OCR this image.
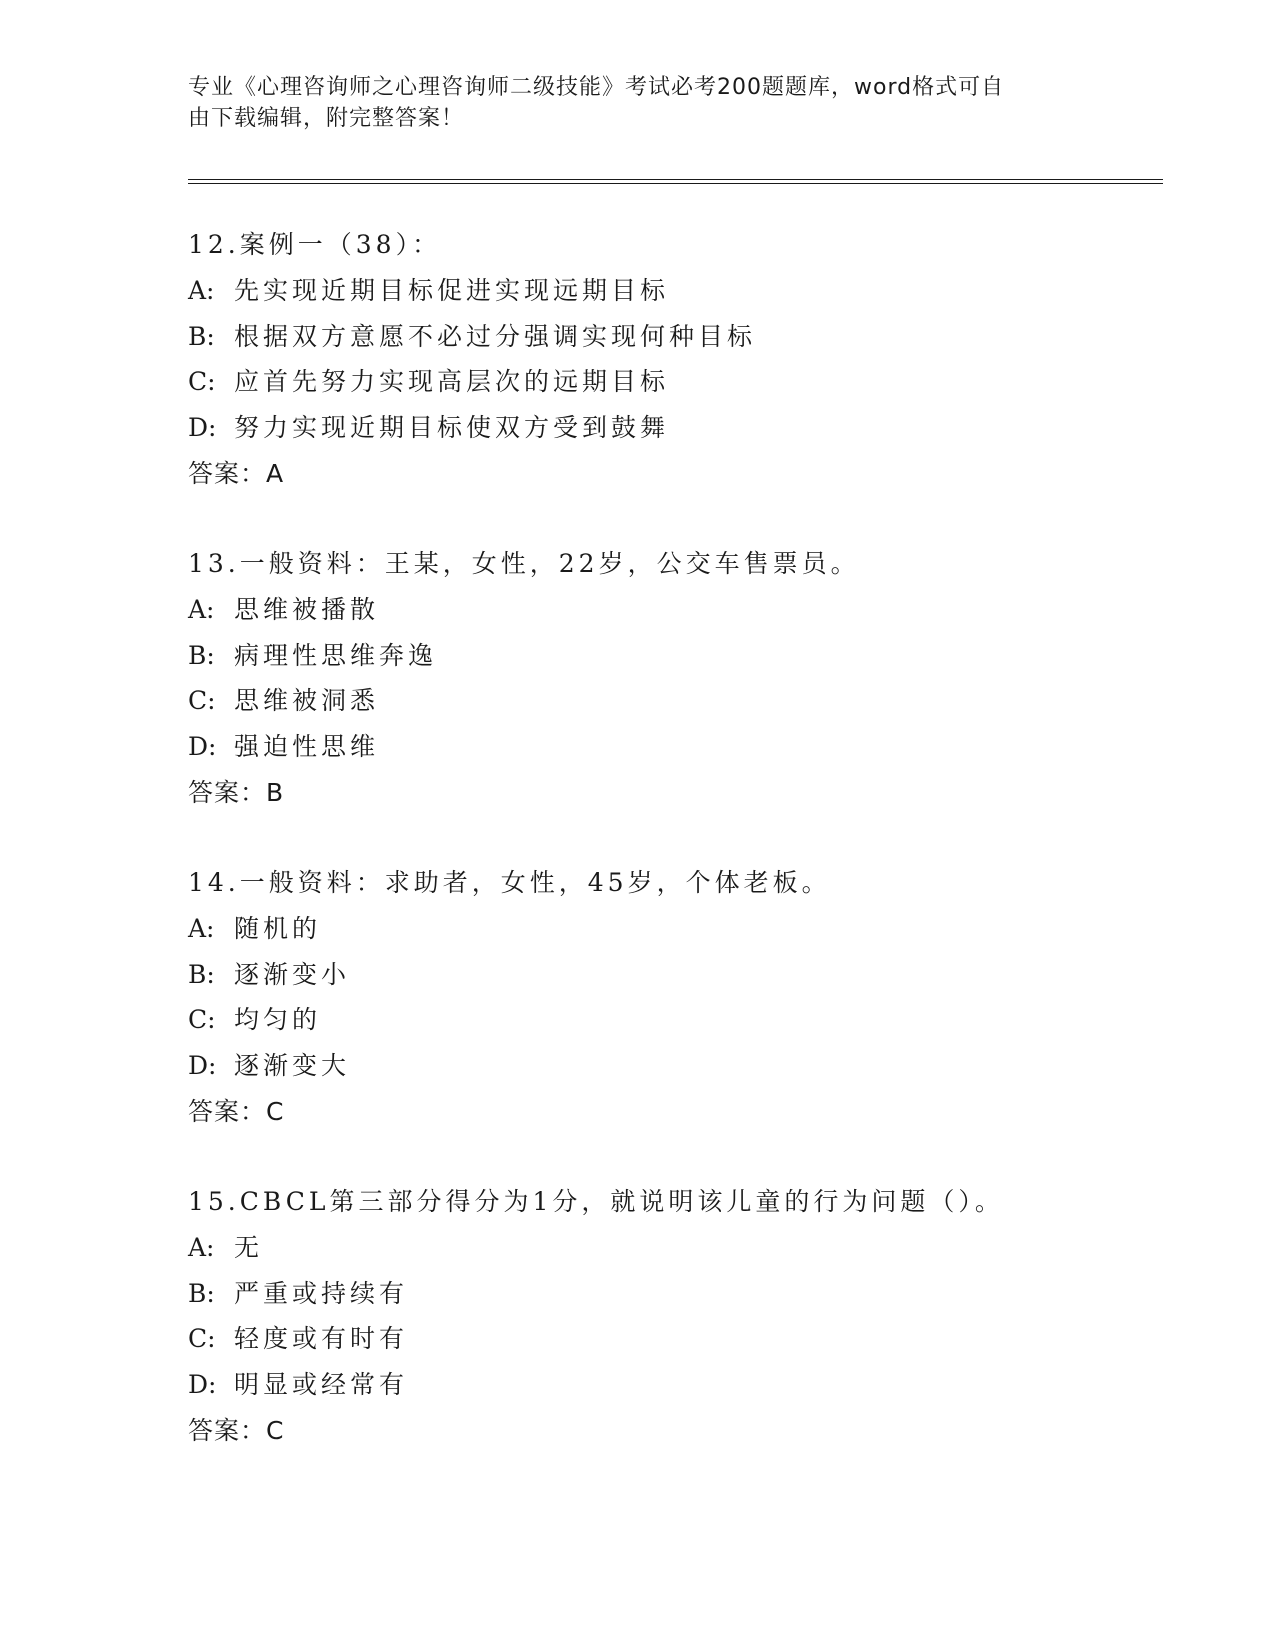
专业《心理咨询师之心理咨询师二级技能》考试必考200题题库，word格式可自
由下载编辑，附完整答案！
12.案例一（38）：
A: 先实现近期目标促进实现远期目标
B: 根据双方意愿不必过分强调实现何种目标
C: 应首先努力实现高层次的远期目标
D: 努力实现近期目标使双方受到鼓舞
答案：A
13.一般资料：王某，女性，22岁，公交车售票员。
A: 思维被播散
B: 病理性思维奔逸
C: 思维被洞悉
D: 强迫性思维
答案：B
14.一般资料：求助者，女性，45岁，个体老板。
A: 随机的
B: 逐渐变小
C: 均匀的
D: 逐渐变大
答案：C
15.CBCL第三部分得分为1分，就说明该儿童的行为问题（）。
A: 无
B: 严重或持续有
C: 轻度或有时有
D: 明显或经常有
答案：C
